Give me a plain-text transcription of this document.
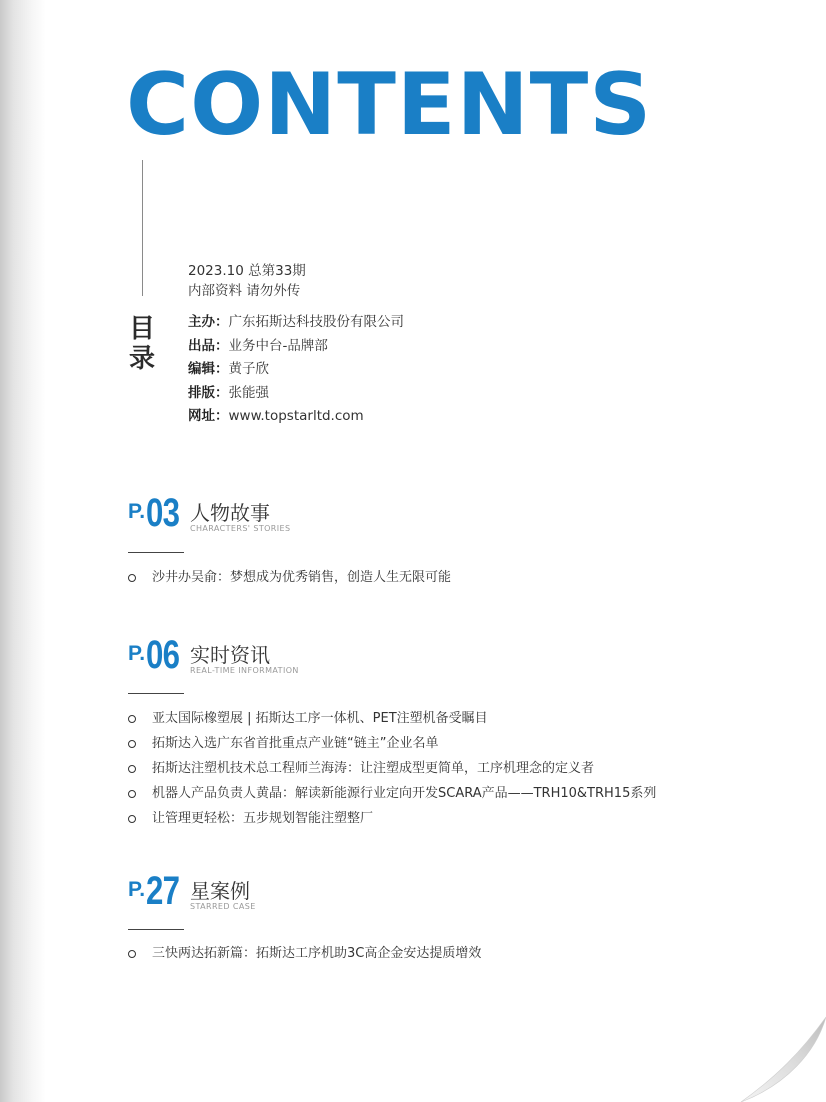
CONTENTS
目
录
2023.10 总第33期
内部资料 请勿外传
主办：广东拓斯达科技股份有限公司
出品：业务中台-品牌部
编辑：黄子欣
排版：张能强
网址：www.topstarltd.com
P. 03 人物故事
CHARACTERS' STORIES
沙井办吴俞：梦想成为优秀销售，创造人生无限可能
P. 06 实时资讯
REAL-TIME INFORMATION
亚太国际橡塑展 | 拓斯达工序一体机、PET注塑机备受瞩目
拓斯达入选广东省首批重点产业链“链主”企业名单
拓斯达注塑机技术总工程师兰海涛：让注塑成型更简单，工序机理念的定义者
机器人产品负责人黄晶：解读新能源行业定向开发SCARA产品——TRH10&TRH15系列
让管理更轻松：五步规划智能注塑整厂
P. 27 星案例
STARRED CASE
三快两达拓新篇：拓斯达工序机助3C高企金安达提质增效
